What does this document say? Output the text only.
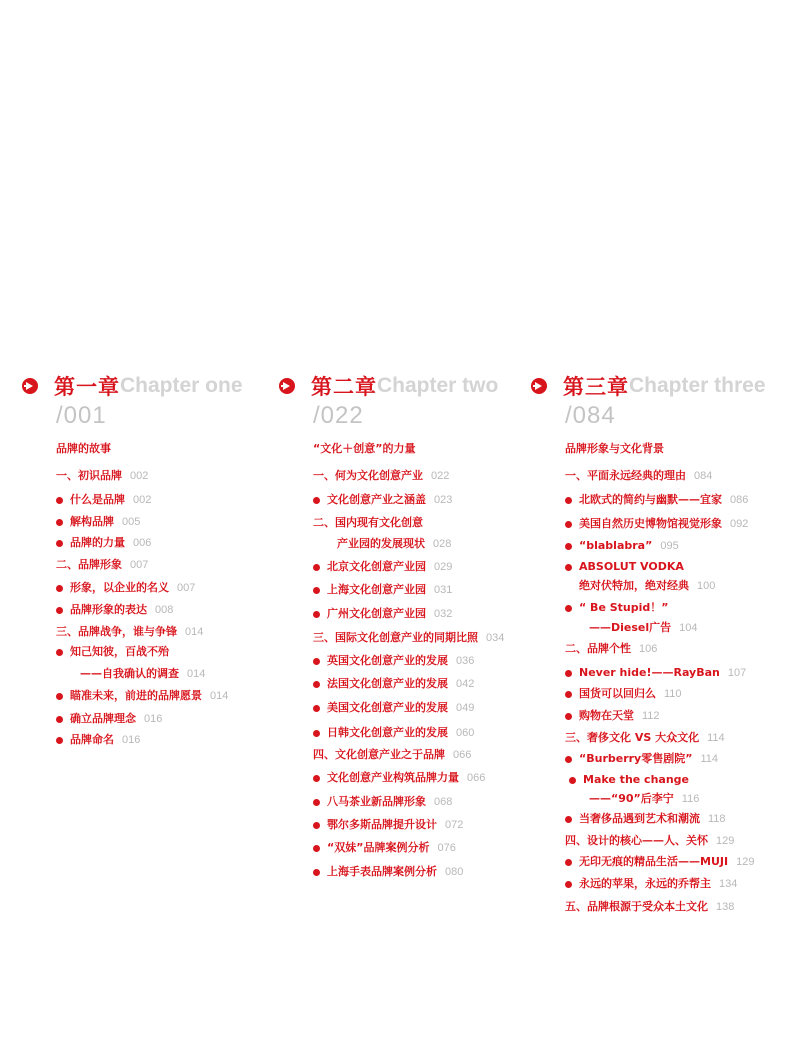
第一章 Chapter one
/001
品牌的故事
一、初识品牌 002
什么是品牌 002
解构品牌 005
品牌的力量 006
二、品牌形象 007
形象，以企业的名义 007
品牌形象的表达 008
三、品牌战争，谁与争锋 014
知己知彼，百战不殆
——自我确认的调查 014
瞄准未来，前进的品牌愿景 014
确立品牌理念 016
品牌命名 016
第二章 Chapter two
/022
“文化＋创意”的力量
一、何为文化创意产业 022
文化创意产业之涵盖 023
二、国内现有文化创意
产业园的发展现状 028
北京文化创意产业园 029
上海文化创意产业园 031
广州文化创意产业园 032
三、国际文化创意产业的同期比照 034
英国文化创意产业的发展 036
法国文化创意产业的发展 042
美国文化创意产业的发展 049
日韩文化创意产业的发展 060
四、文化创意产业之于品牌 066
文化创意产业构筑品牌力量 066
八马茶业新品牌形象 068
鄂尔多斯品牌提升设计 072
“双妹”品牌案例分析 076
上海手表品牌案例分析 080
第三章 Chapter three
/084
品牌形象与文化背景
一、平面永远经典的理由 084
北欧式的简约与幽默——宜家 086
美国自然历史博物馆视觉形象 092
“blablabra” 095
ABSOLUT VODKA
绝对伏特加，绝对经典 100
“ Be Stupid！”
——Diesel广告 104
二、品牌个性 106
Never hide!——RayBan 107
国货可以回归么 110
购物在天堂 112
三、奢侈文化 VS 大众文化 114
“Burberry零售剧院” 114
Make the change
——“90”后李宁 116
当奢侈品遇到艺术和潮流 118
四、设计的核心——人、关怀 129
无印无痕的精品生活——MUJI 129
永远的苹果，永远的乔帮主 134
五、品牌根源于受众本土文化 138
